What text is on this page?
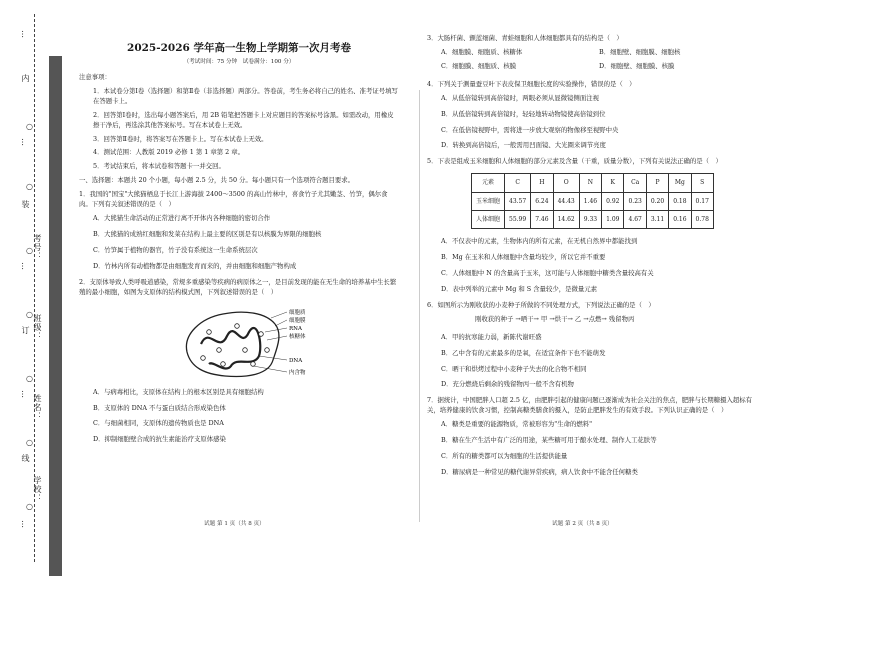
○
○
○
○
○
○
○
…
内
…
装
…
订
…
线
…
学校：
姓名：
班级：
考号：
2025-2026 学年高一生物上学期第一次月考卷
（考试时间：75 分钟　试卷满分：100 分）
注意事项：
1．本试卷分第Ⅰ卷（选择题）和第Ⅱ卷（非选择题）两部分。答卷前，考生务必将自己的姓名、准考证号填写在答题卡上。
2．回答第Ⅰ卷时，选出每小题答案后，用 2B 铅笔把答题卡上对应题目的答案标号涂黑。如需改动，用橡皮擦干净后，再选涂其他答案标号。写在本试卷上无效。
3．回答第Ⅱ卷时，将答案写在答题卡上。写在本试卷上无效。
4．测试范围：人教版 2019 必修 1 第 1 章第 2 章。
5．考试结束后，将本试卷和答题卡一并交回。
一、选择题：本题共 20 个小题，每小题 2.5 分，共 50 分。每小题只有一个选项符合题目要求。
1．我国的"国宝"大熊猫栖息于长江上游海拔 2400～3500 的高山竹林中，喜食竹子尤其嫩茎、竹笋，偶尔食肉。下列有关叙述错误的是（　）
A．大熊猫生命活动的正常进行离不开体内各种细胞的密切合作
B．大熊猫的成熟红细胞和发菜在结构上最主要的区别是有以核膜为界限的细胞核
C．竹笋属于植物的器官，竹子没有系统这一生命系统层次
D．竹林内所有动植物都是由细胞发育而来的，并由细胞和细胞产物构成
2．支原体导致人类呼吸道感染，常规多重感染等疾病的病原体之一，是目前发现的能在无生命的培养基中生长繁殖的最小细胞，如图为支原体的结构模式图，下列叙述错误的是（　）
细胞质
细胞膜
RNA
核糖体
DNA
内含物
A．与病毒相比，支原体在结构上的根本区别是具有细胞结构
B．支原体的 DNA 不与蛋白质结合形成染色体
C．与细菌相同，支原体的遗传物质也是 DNA
D．抑制细胞壁合成的抗生素能治疗支原体感染
试题 第 1 页（共 8 页）
3．大肠杆菌、颤蓝细菌、青蛙细胞和人体细胞都具有的结构是（　）
A．细胞膜、细胞质、核糖体	B．细胞壁、细胞膜、细胞核
C．细胞膜、细胞质、核膜	D．细胞壁、细胞膜、核膜
4．下列关于测量蚕豆叶下表皮保卫细胞长度的实验操作，错误的是（　）
A．从低倍镜转到高倍镜时，两眼必须从显微镜侧面注视
B．从低倍镜转到高倍镜时，轻轻地转动物镜使高倍镜到位
C．在低倍镜视野中，需将进一步放大观察的物像移至视野中央
D．转换到高倍镜后，一般需用凹面镜、大光圈来调节亮度
5．下表是组成玉米细胞和人体细胞的部分元素及含量（干重，质量分数），下列有关说法正确的是（　）
元素	C	H	O	N	K	Ca	P	Mg	S
玉米细胞	43.57	6.24	44.43	1.46	0.92	0.23	0.20	0.18	0.17
人体细胞	55.99	7.46	14.62	9.33	1.09	4.67	3.11	0.16	0.78
A．不仅表中的元素，生物体内的所有元素，在无机自然界中都能找到
B．Mg 在玉米和人体细胞中含量均较少，所以它并不重要
C．人体细胞中 N 的含量高于玉米，这可能与人体细胞中糖类含量较高有关
D．表中列举的元素中 Mg 和 S 含量较少，是微量元素
6．如图所示为刚收获的小麦种子所做的不同处理方式，下列说法正确的是（　）
刚收获的种子 →晒干→ 甲 →烘干→ 乙 →点燃→ 残留物丙
A．甲的抗寒能力弱，新陈代谢旺盛
B．乙中含有的元素最多的是氧，在适宜条件下也不能萌发
C．晒干和烘烤过程中小麦种子失去的化合物不相同
D．充分燃烧后剩余的残留物丙一般不含有机物
7．据统计，中国肥胖人口超 2.5 亿，由肥胖引起的健康问题已逐渐成为社会关注的焦点，肥胖与长期糖摄入超标有关，培养健康的饮食习惯，控制高糖类膳食的摄入，是防止肥胖发生的有效手段。下列认识正确的是（　）
A．糖类是重要的能源物质，常被形容为"生命的燃料"
B．糖在生产生活中有广泛的用途，某些糖可用于酿水处理、制作人工花肤等
C．所有的糖类都可以为细胞的生活提供能量
D．糖尿病是一种常见的糖代谢异常疾病，病人饮食中不能含任何糖类
试题 第 2 页（共 8 页）
